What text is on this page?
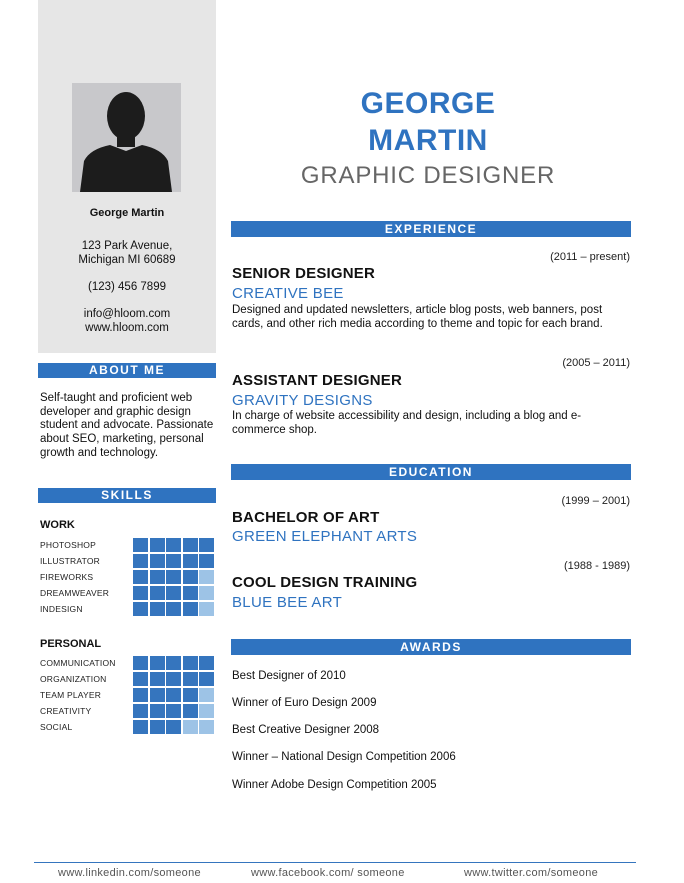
George Martin
123 Park Avenue,
Michigan MI 60689
(123) 456 7899
info@hloom.com
www.hloom.com
ABOUT ME
Self-taught and proficient web developer and graphic design student and advocate. Passionate about SEO, marketing, personal growth and technology.
SKILLS
WORK
PHOTOSHOP
ILLUSTRATOR
FIREWORKS
DREAMWEAVER
INDESIGN
PERSONAL
COMMUNICATION
ORGANIZATION
TEAM PLAYER
CREATIVITY
SOCIAL
GEORGE
MARTIN
GRAPHIC DESIGNER
EXPERIENCE
(2011 – present)
SENIOR DESIGNER
CREATIVE BEE
Designed and updated newsletters, article blog posts, web banners, post cards, and other rich media according to theme and topic for each brand.
(2005 – 2011)
ASSISTANT DESIGNER
GRAVITY DESIGNS
In charge of website accessibility and design, including a blog and e-commerce shop.
EDUCATION
(1999 – 2001)
BACHELOR OF ART
GREEN ELEPHANT ARTS
(1988 - 1989)
COOL DESIGN TRAINING
BLUE BEE ART
AWARDS
Best Designer of 2010
Winner of Euro Design 2009
Best Creative Designer 2008
Winner – National Design Competition 2006
Winner Adobe Design Competition 2005
www.linkedin.com/someone	www.facebook.com/ someone	www.twitter.com/someone
